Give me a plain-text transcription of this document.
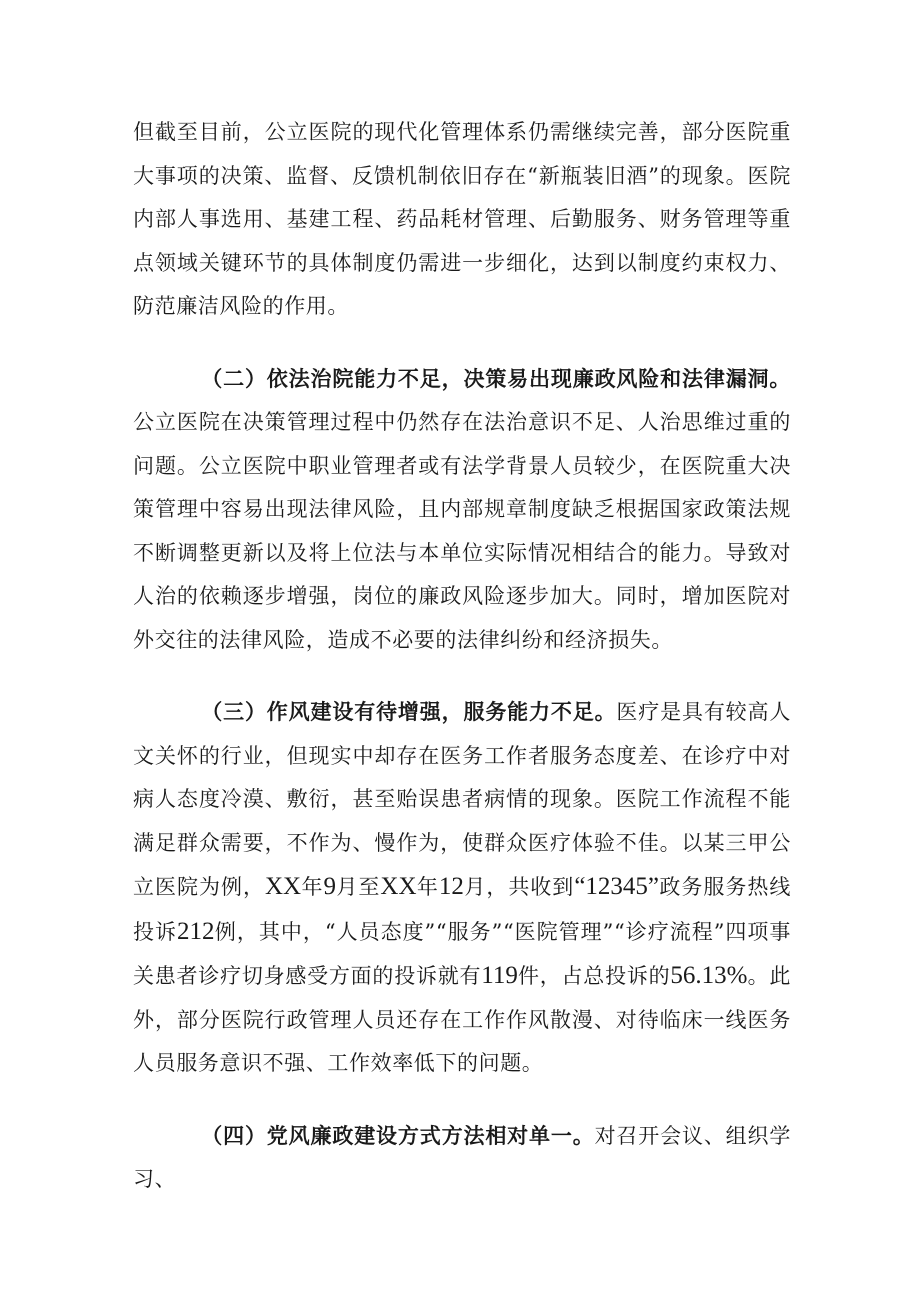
但截至目前，公立医院的现代化管理体系仍需继续完善，部分医院重大事项的决策、监督、反馈机制依旧存在“新瓶装旧酒”的现象。医院内部人事选用、基建工程、药品耗材管理、后勤服务、财务管理等重点领域关键环节的具体制度仍需进一步细化，达到以制度约束权力、防范廉洁风险的作用。

（二）依法治院能力不足，决策易出现廉政风险和法律漏洞。公立医院在决策管理过程中仍然存在法治意识不足、人治思维过重的问题。公立医院中职业管理者或有法学背景人员较少，在医院重大决策管理中容易出现法律风险，且内部规章制度缺乏根据国家政策法规不断调整更新以及将上位法与本单位实际情况相结合的能力。导致对人治的依赖逐步增强，岗位的廉政风险逐步加大。同时，增加医院对外交往的法律风险，造成不必要的法律纠纷和经济损失。

（三）作风建设有待增强，服务能力不足。医疗是具有较高人文关怀的行业，但现实中却存在医务工作者服务态度差、在诊疗中对病人态度冷漠、敷衍，甚至贻误患者病情的现象。医院工作流程不能满足群众需要，不作为、慢作为，使群众医疗体验不佳。以某三甲公立医院为例，XX年9月至XX年12月，共收到“12345”政务服务热线投诉212例，其中，“人员态度”“服务”“医院管理”“诊疗流程”四项事关患者诊疗切身感受方面的投诉就有119件，占总投诉的56.13%。此外，部分医院行政管理人员还存在工作作风散漫、对待临床一线医务人员服务意识不强、工作效率低下的问题。

（四）党风廉政建设方式方法相对单一。对召开会议、组织学习、
